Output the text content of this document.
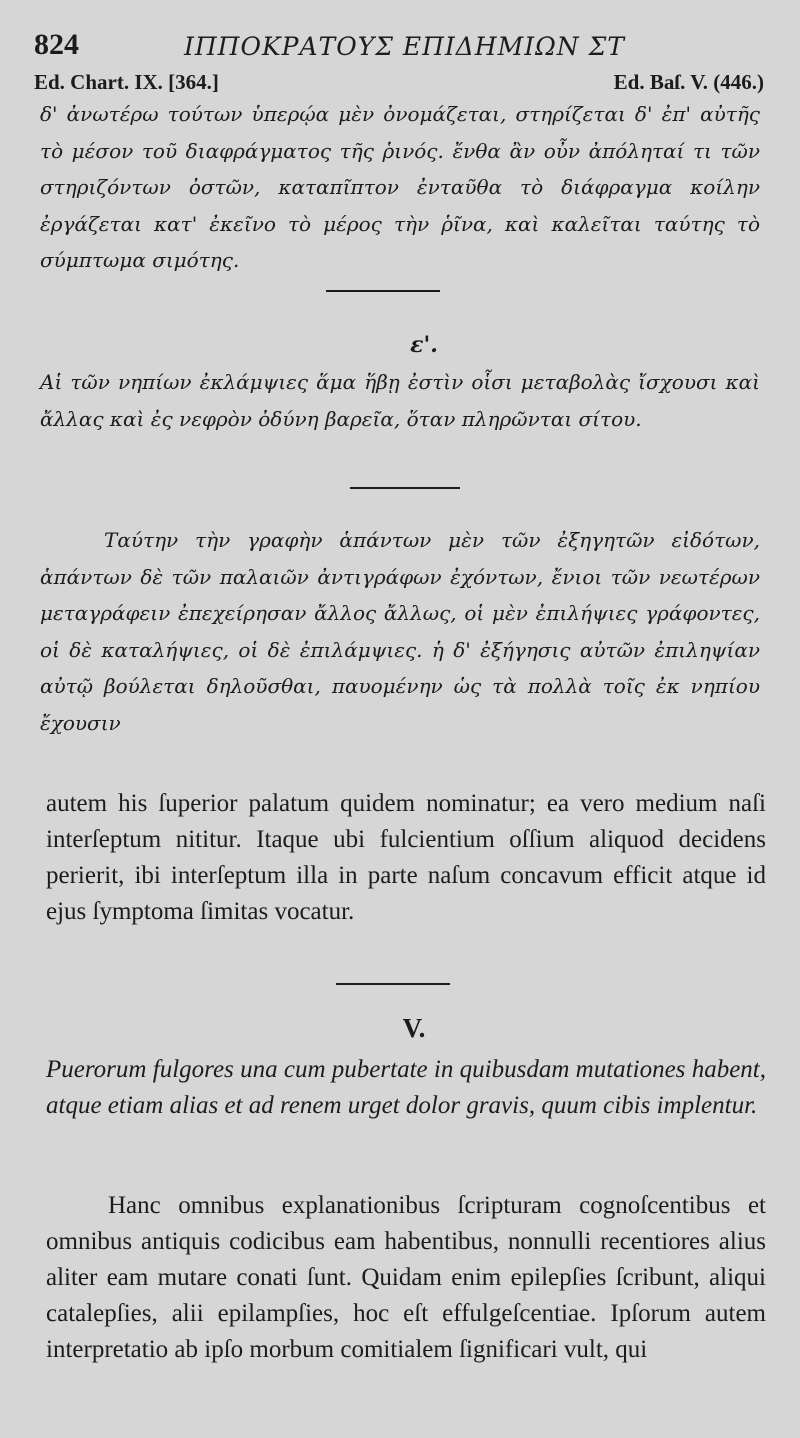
824	ΙΠΠΟΚΡΑΤΟΥΣ ΕΠΙΔΗΜΙΩΝ ΣΤ
Ed. Chart. IX. [364.]	Ed. Baſ. V. (446.)

δ' ἀνωτέρω τούτων ὑπερῴα μὲν ὀνομάζεται, στηρίζεται δ' ἐπ' αὐτῆς τὸ μέσον τοῦ διαφράγματος τῆς ῥινός. ἔνθα ἂν οὖν ἀπόληταί τι τῶν στηριζόντων ὀστῶν, καταπῖπτον ἐνταῦθα τὸ διάφραγμα κοίλην ἐργάζεται κατ' ἐκεῖνο τὸ μέρος τὴν ῥῖνα, καὶ καλεῖται ταύτης τὸ σύμπτωμα σιμότης.

ε'.

Αἱ τῶν νηπίων ἐκλάμψιες ἅμα ἥβῃ ἐστὶν οἷσι μεταβολὰς ἴσχουσι καὶ ἄλλας καὶ ἐς νεφρὸν ὀδύνη βαρεῖα, ὅταν πληρῶνται σίτου.

Ταύτην τὴν γραφὴν ἁπάντων μὲν τῶν ἐξηγητῶν εἰδότων, ἁπάντων δὲ τῶν παλαιῶν ἀντιγράφων ἐχόντων, ἔνιοι τῶν νεωτέρων μεταγράφειν ἐπεχείρησαν ἄλλος ἄλλως, οἱ μὲν ἐπιλήψιες γράφοντες, οἱ δὲ καταλήψιες, οἱ δὲ ἐπιλάμψιες. ἡ δ' ἐξήγησις αὐτῶν ἐπιληψίαν αὐτῷ βούλεται δηλοῦσθαι, παυομένην ὡς τὰ πολλὰ τοῖς ἐκ νηπίου ἔχουσιν

autem his ſuperior palatum quidem nominatur; ea vero medium naſi interſeptum nititur. Itaque ubi fulcientium oſſium aliquod decidens perierit, ibi interſeptum illa in parte naſum concavum efficit atque id ejus ſymptoma ſimitas vocatur.

V.

Puerorum fulgores una cum pubertate in quibusdam mutationes habent, atque etiam alias et ad renem urget dolor gravis, quum cibis implentur.

Hanc omnibus explanationibus ſcripturam cognoſcentibus et omnibus antiquis codicibus eam habentibus, nonnulli recentiores alius aliter eam mutare conati ſunt. Quidam enim epilepſies ſcribunt, aliqui catalepſies, alii epilampſies, hoc eſt effulgeſcentiae. Ipſorum autem interpretatio ab ipſo morbum comitialem ſignificari vult, qui
